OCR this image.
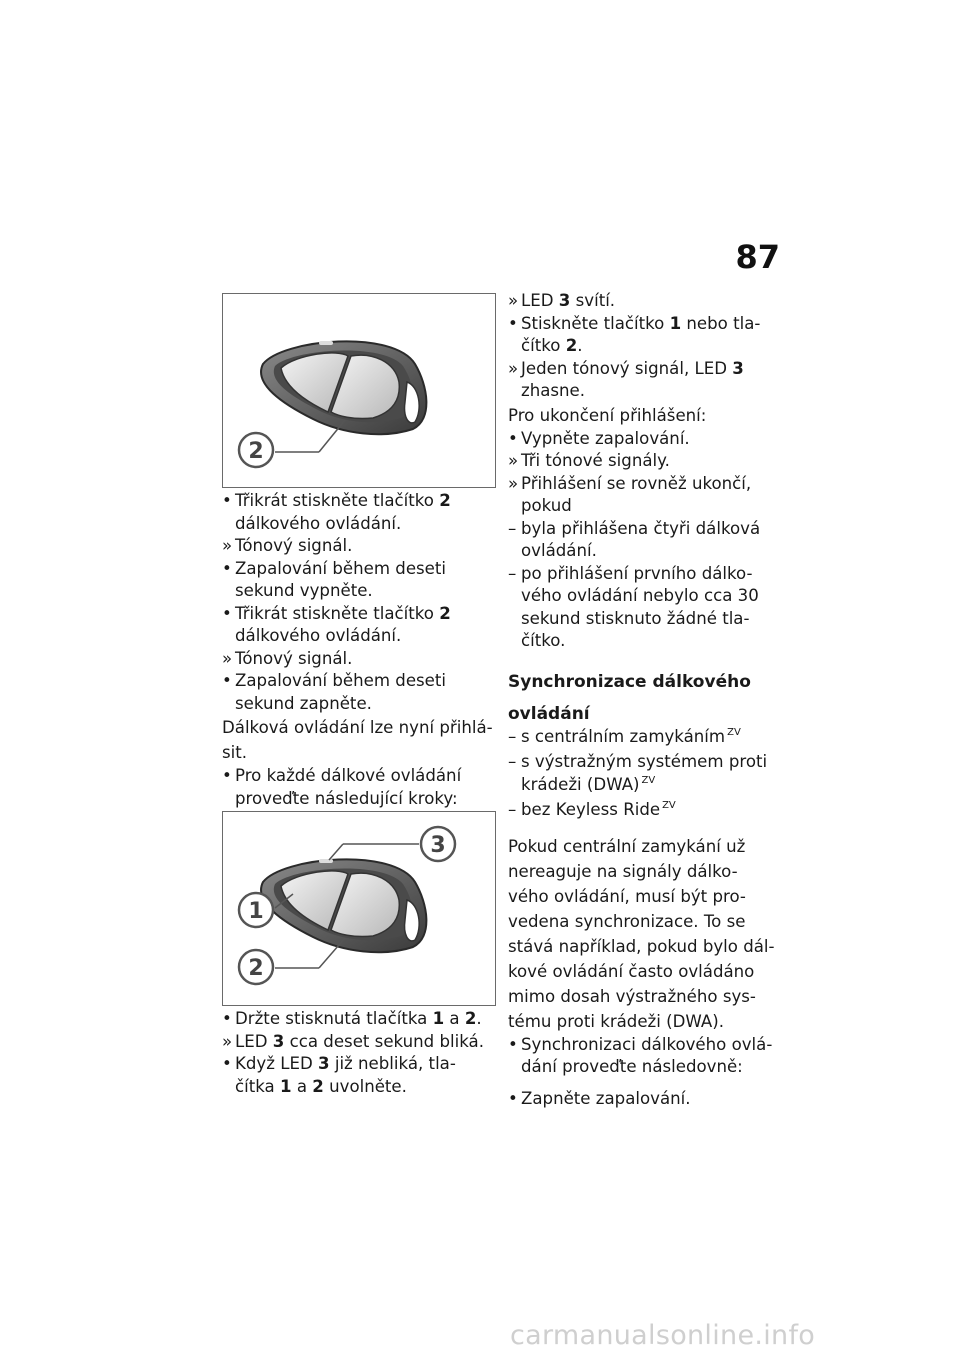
87
2
• Třikrát stiskněte tlačítko 2
dálkového ovládání.
» Tónový signál.
• Zapalování během deseti
sekund vypněte.
• Třikrát stiskněte tlačítko 2
dálkového ovládání.
» Tónový signál.
• Zapalování během deseti
sekund zapněte.
Dálková ovládání lze nyní přihlá-
sit.
• Pro každé dálkové ovládání
proveďte následující kroky:
3
1
2
• Držte stisknutá tlačítka 1 a 2.
» LED 3 cca deset sekund bliká.
• Když LED 3 již nebliká, tla-
čítka 1 a 2 uvolněte.
» LED 3 svítí.
• Stiskněte tlačítko 1 nebo tla-
čítko 2.
» Jeden tónový signál, LED 3
zhasne.
Pro ukončení přihlášení:
• Vypněte zapalování.
» Tři tónové signály.
» Přihlášení se rovněž ukončí,
pokud
– byla přihlášena čtyři dálková
ovládání.
– po přihlášení prvního dálko-
vého ovládání nebylo cca 30
sekund stisknuto žádné tla-
čítko.
Synchronizace dálkového
ovládání
– s centrálním zamykáním $^{ZV}$
– s výstražným systémem proti
krádeži (DWA) $^{ZV}$
– bez Keyless Ride $^{ZV}$
Pokud centrální zamykání už
nereaguje na signály dálko-
vého ovládání, musí být pro-
vedena synchronizace. To se
stává například, pokud bylo dál-
kové ovládání často ovládáno
mimo dosah výstražného sys-
tému proti krádeži (DWA).
• Synchronizaci dálkového ovlá-
dání proveďte následovně:
• Zapněte zapalování.
carmanualsonline.info
